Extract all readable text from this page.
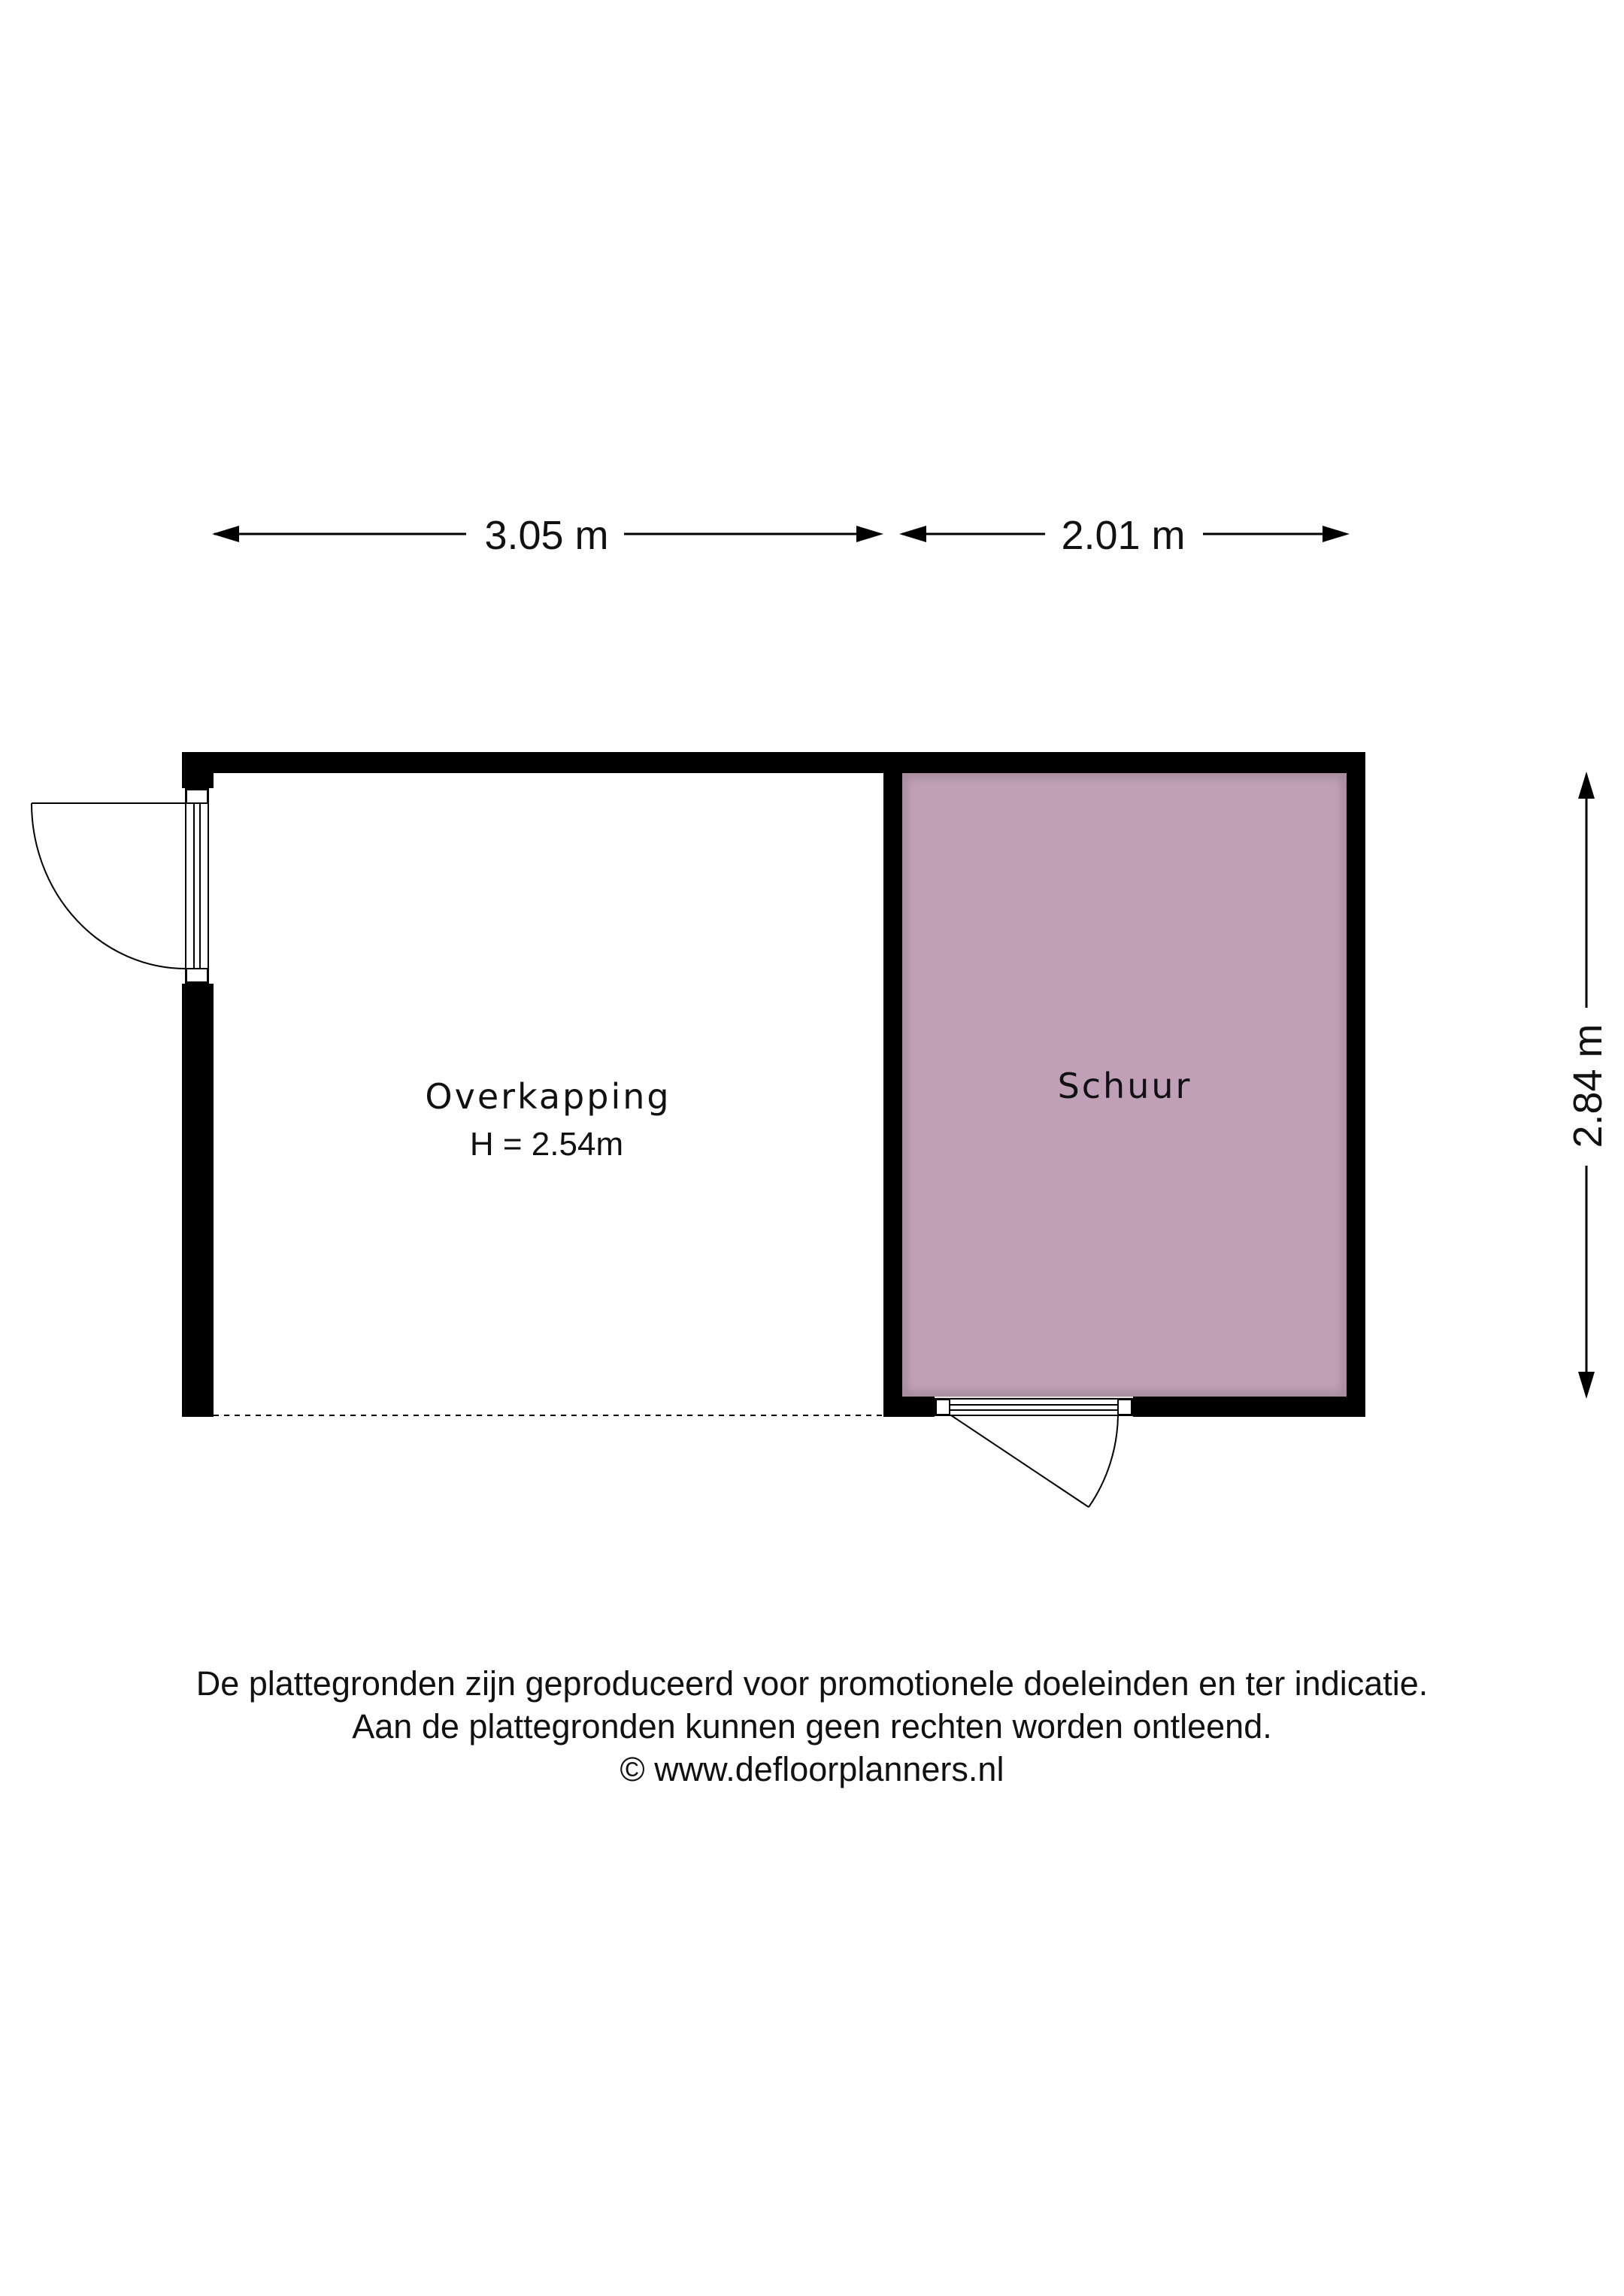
3.05 m	2.01 m
2.84 m
Overkapping
H = 2.54m
Schuur
De plattegronden zijn geproduceerd voor promotionele doeleinden en ter indicatie.
Aan de plattegronden kunnen geen rechten worden ontleend.
© www.defloorplanners.nl
